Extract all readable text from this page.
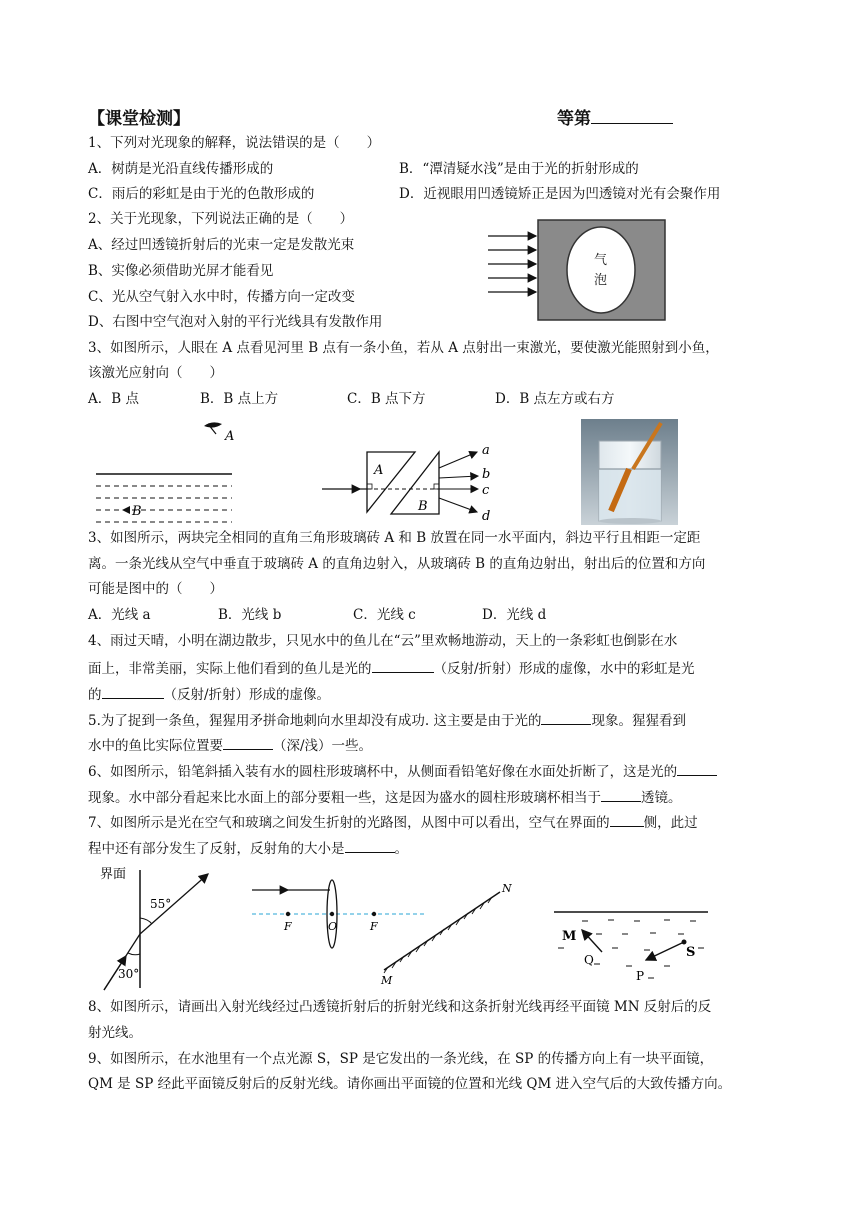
【课堂检测】	等第
1、下列对光现象的解释，说法错误的是（　　）
A．树荫是光沿直线传播形成的	B．“潭清疑水浅”是由于光的折射形成的
C．雨后的彩虹是由于光的色散形成的	D．近视眼用凹透镜矫正是因为凹透镜对光有会聚作用
2、关于光现象，下列说法正确的是（　　）
A、经过凹透镜折射后的光束一定是发散光束
B、实像必须借助光屏才能看见
C、光从空气射入水中时，传播方向一定改变
D、右图中空气泡对入射的平行光线具有发散作用
气
泡
3、如图所示，人眼在 A 点看见河里 B 点有一条小鱼，若从 A 点射出一束激光，要使激光能照射到小鱼，
该激光应射向（　　）
A．B 点	B．B 点上方	C．B 点下方	D．B 点左方或右方
A
B
A
B
a
b
c
d
3、如图所示，两块完全相同的直角三角形玻璃砖 A 和 B 放置在同一水平面内，斜边平行且相距一定距
离。一条光线从空气中垂直于玻璃砖 A 的直角边射入，从玻璃砖 B 的直角边射出，射出后的位置和方向
可能是图中的（　　）
A．光线 a	B．光线 b	C．光线 c	D．光线 d
4、雨过天晴，小明在湖边散步，只见水中的鱼儿在“云”里欢畅地游动，天上的一条彩虹也倒影在水
面上，非常美丽，实际上他们看到的鱼儿是光的	（反射/折射）形成的虚像，水中的彩虹是光
的	（反射/折射）形成的虚像。
5.为了捉到一条鱼，猩猩用矛拼命地刺向水里却没有成功. 这主要是由于光的	现象。猩猩看到
水中的鱼比实际位置要	（深/浅）一些。
6、如图所示，铅笔斜插入装有水的圆柱形玻璃杯中，从侧面看铅笔好像在水面处折断了，这是光的
现象。水中部分看起来比水面上的部分要粗一些，这是因为盛水的圆柱形玻璃杯相当于	透镜。
7、如图所示是光在空气和玻璃之间发生折射的光路图，从图中可以看出，空气在界面的	侧，此过
程中还有部分发生了反射，反射角的大小是	。
界面
55°
30°
F	O	F
M
N
M
Q	S
P
8、如图所示，请画出入射光线经过凸透镜折射后的折射光线和这条折射光线再经平面镜 MN 反射后的反
射光线。
9、如图所示，在水池里有一个点光源 S，SP 是它发出的一条光线，在 SP 的传播方向上有一块平面镜，
QM 是 SP 经此平面镜反射后的反射光线。请你画出平面镜的位置和光线 QM 进入空气后的大致传播方向。
